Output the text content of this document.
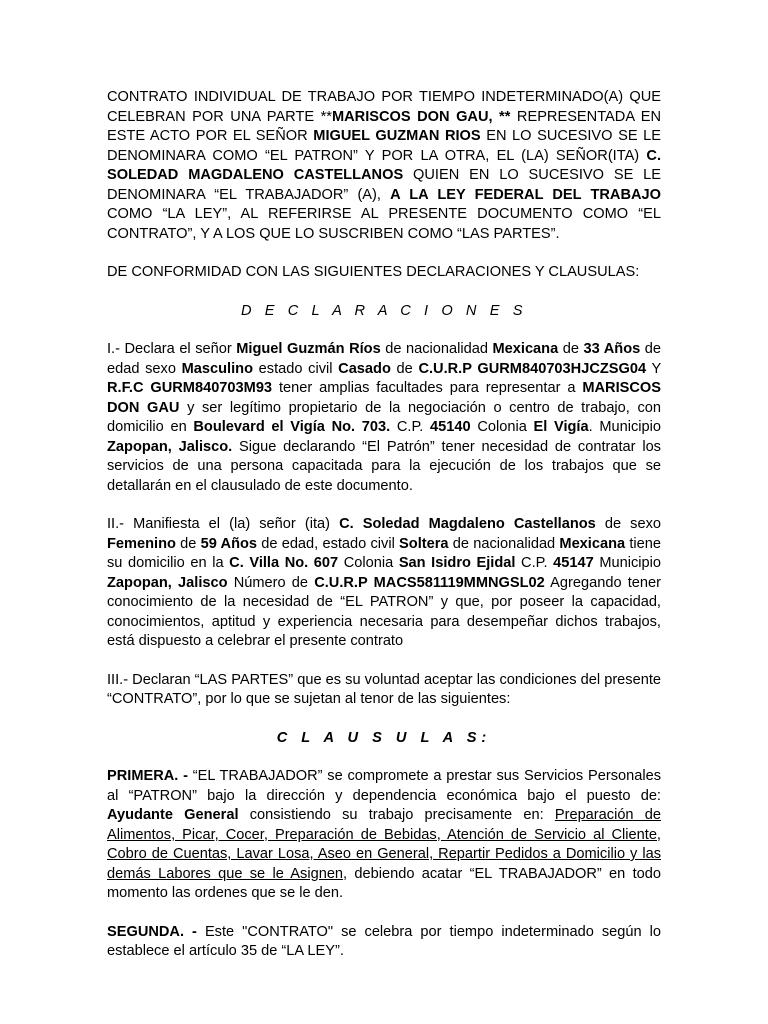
CONTRATO INDIVIDUAL DE TRABAJO POR TIEMPO INDETERMINADO(A) QUE CELEBRAN POR UNA PARTE **MARISCOS DON GAU, ** REPRESENTADA EN ESTE ACTO POR EL SEÑOR MIGUEL GUZMAN RIOS EN LO SUCESIVO SE LE DENOMINARA COMO “EL PATRON” Y POR LA OTRA, EL (LA) SEÑOR(ITA) C. SOLEDAD MAGDALENO CASTELLANOS QUIEN EN LO SUCESIVO SE LE DENOMINARA “EL TRABAJADOR” (A), A LA LEY FEDERAL DEL TRABAJO COMO “LA LEY”, AL REFERIRSE AL PRESENTE DOCUMENTO COMO “EL CONTRATO”, Y A LOS QUE LO SUSCRIBEN COMO “LAS PARTES”.

DE CONFORMIDAD CON LAS SIGUIENTES DECLARACIONES Y CLAUSULAS:

D E C L A R A C I O N E S

I.- Declara el señor Miguel Guzmán Ríos de nacionalidad Mexicana de 33 Años de edad sexo Masculino estado civil Casado de C.U.R.P GURM840703HJCZSG04 Y R.F.C GURM840703M93 tener amplias facultades para representar a MARISCOS DON GAU y ser legítimo propietario de la negociación o centro de trabajo, con domicilio en Boulevard el Vigía No. 703. C.P. 45140 Colonia El Vigía. Municipio Zapopan, Jalisco. Sigue declarando “El Patrón” tener necesidad de contratar los servicios de una persona capacitada para la ejecución de los trabajos que se detallarán en el clausulado de este documento.

II.- Manifiesta el (la) señor (ita) C. Soledad Magdaleno Castellanos de sexo Femenino de 59 Años de edad, estado civil Soltera de nacionalidad Mexicana tiene su domicilio en la C. Villa No. 607 Colonia San Isidro Ejidal C.P. 45147 Municipio Zapopan, Jalisco Número de C.U.R.P MACS581119MMNGSL02 Agregando tener conocimiento de la necesidad de “EL PATRON” y que, por poseer la capacidad, conocimientos, aptitud y experiencia necesaria para desempeñar dichos trabajos, está dispuesto a celebrar el presente contrato

III.- Declaran “LAS PARTES” que es su voluntad aceptar las condiciones del presente “CONTRATO”, por lo que se sujetan al tenor de las siguientes:

C L A U S U L A S:

PRIMERA. - “EL TRABAJADOR” se compromete a prestar sus Servicios Personales al “PATRON” bajo la dirección y dependencia económica bajo el puesto de: Ayudante General consistiendo su trabajo precisamente en: Preparación de Alimentos, Picar, Cocer, Preparación de Bebidas, Atención de Servicio al Cliente, Cobro de Cuentas, Lavar Losa, Aseo en General, Repartir Pedidos a Domicilio y las demás Labores que se le Asignen, debiendo acatar “EL TRABAJADOR” en todo momento las ordenes que se le den.

SEGUNDA. - Este "CONTRATO" se celebra por tiempo indeterminado según lo establece el artículo 35 de “LA LEY”.
